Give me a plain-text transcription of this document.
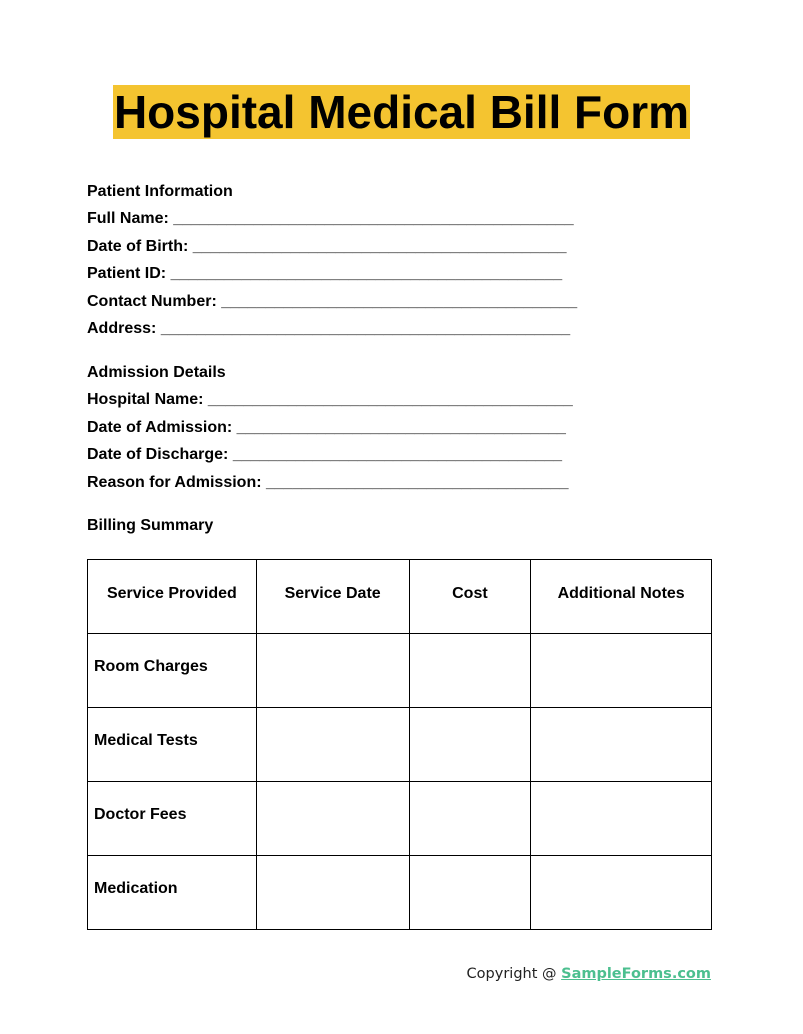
Hospital Medical Bill Form
Patient Information
Full Name: _____________________________________________
Date of Birth: __________________________________________
Patient ID: ____________________________________________
Contact Number: ________________________________________
Address: ______________________________________________
Admission Details
Hospital Name: _________________________________________
Date of Admission: _____________________________________
Date of Discharge: _____________________________________
Reason for Admission: __________________________________
Billing Summary
Service Provided	Service Date	Cost	Additional Notes
Room Charges			
Medical Tests			
Doctor Fees			
Medication			
Copyright @ SampleForms.com
